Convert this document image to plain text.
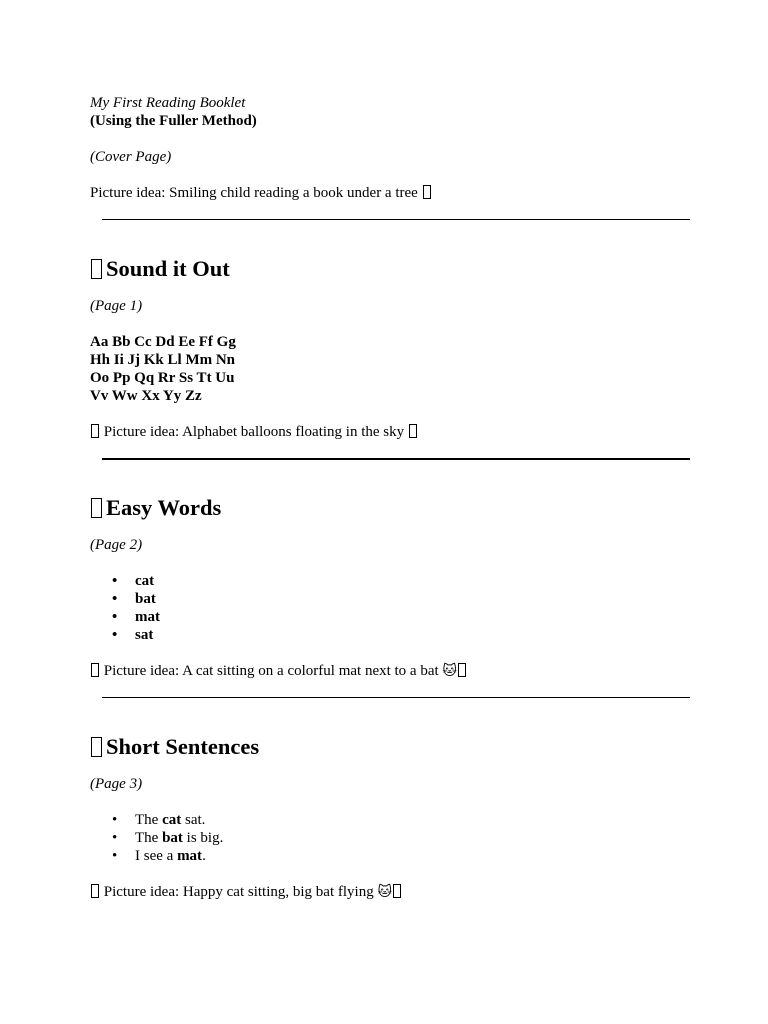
My First Reading Booklet

(Using the Fuller Method)

(Cover Page)

Picture idea: Smiling child reading a book under a tree

Sound it Out

(Page 1)

Aa Bb Cc Dd Ee Ff Gg

Hh Ii Jj Kk Ll Mm Nn

Oo Pp Qq Rr Ss Tt Uu

Vv Ww Xx Yy Zz

Picture idea: Alphabet balloons floating in the sky

Easy Words

(Page 2)

• cat
• bat
• mat
• sat

Picture idea: A cat sitting on a colorful mat next to a bat 🐱

Short Sentences

(Page 3)

• The cat sat.
• The bat is big.
• I see a mat.

Picture idea: Happy cat sitting, big bat flying 🐱
